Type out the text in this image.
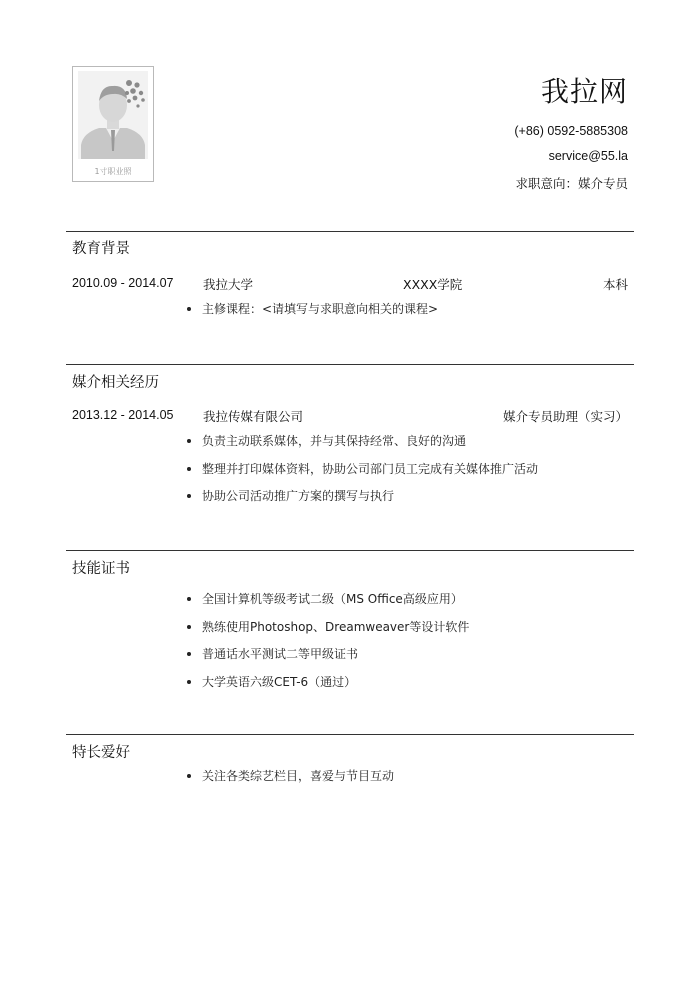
1寸职业照
我拉网
(+86) 0592-5885308
service@55.la
求职意向：媒介专员
教育背景
2010.09 - 2014.07 我拉大学	XXXX学院	本科
主修课程：<请填写与求职意向相关的课程>
媒介相关经历
2013.12 - 2014.05 我拉传媒有限公司	媒介专员助理（实习）
负责主动联系媒体，并与其保持经常、良好的沟通
整理并打印媒体资料，协助公司部门员工完成有关媒体推广活动
协助公司活动推广方案的撰写与执行
技能证书
全国计算机等级考试二级（MS Office高级应用）
熟练使用Photoshop、Dreamweaver等设计软件
普通话水平测试二等甲级证书
大学英语六级CET-6（通过）
特长爱好
关注各类综艺栏目，喜爱与节目互动
